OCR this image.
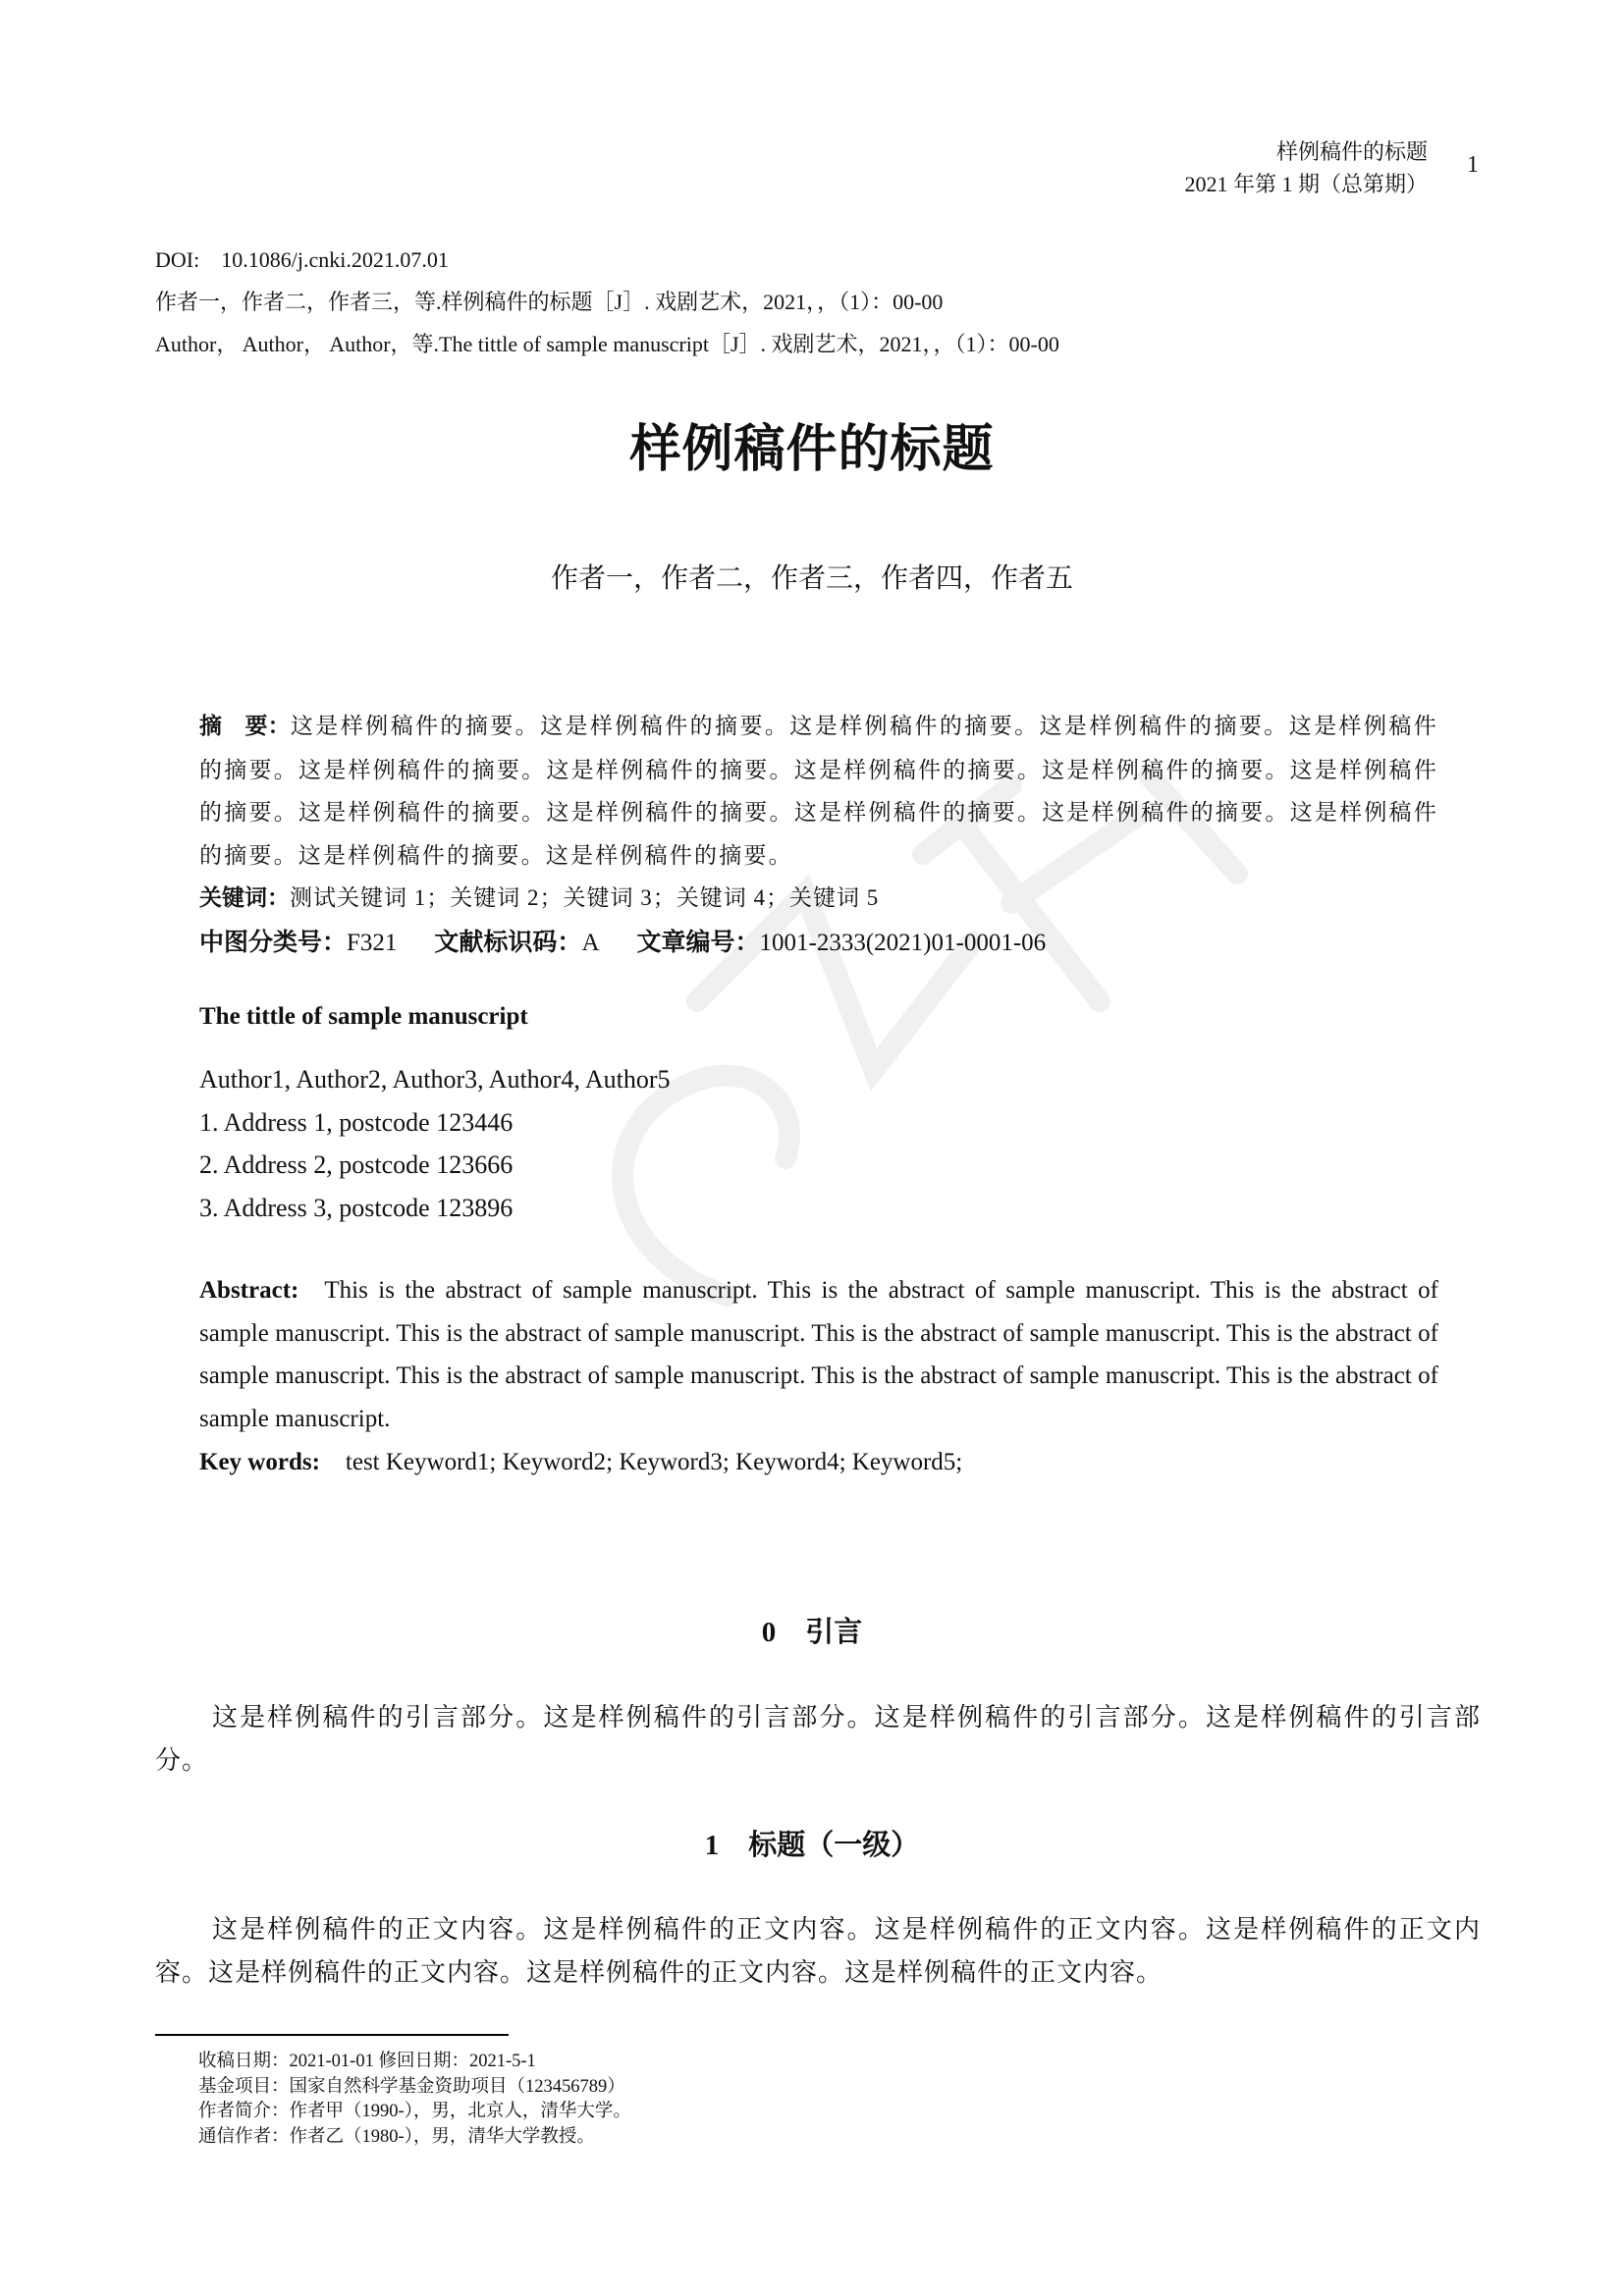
样例稿件的标题
2021 年第 1 期（总第期）
1
DOI: 10.1086/j.cnki.2021.07.01
作者一，作者二，作者三，等.样例稿件的标题［J］. 戏剧艺术，2021，，（1）：00-00
Author， Author， Author，等.The tittle of sample manuscript［J］. 戏剧艺术，2021，，（1）：00-00
样例稿件的标题
作者一，作者二，作者三，作者四，作者五
摘　要：这是样例稿件的摘要。这是样例稿件的摘要。这是样例稿件的摘要。这是样例稿件的摘要。这是样例稿件的摘要。这是样例稿件的摘要。这是样例稿件的摘要。这是样例稿件的摘要。这是样例稿件的摘要。这是样例稿件的摘要。这是样例稿件的摘要。这是样例稿件的摘要。这是样例稿件的摘要。这是样例稿件的摘要。这是样例稿件的摘要。这是样例稿件的摘要。这是样例稿件的摘要。
关键词：测试关键词 1；关键词 2；关键词 3；关键词 4；关键词 5
中图分类号：F321 文献标识码：A 文章编号：1001-2333(2021)01-0001-06
The tittle of sample manuscript
Author1, Author2, Author3, Author4, Author5
1. Address 1, postcode 123446
2. Address 2, postcode 123666
3. Address 3, postcode 123896
Abstract: This is the abstract of sample manuscript. This is the abstract of sample manuscript. This is the abstract of sample manuscript. This is the abstract of sample manuscript. This is the abstract of sample manuscript. This is the abstract of sample manuscript. This is the abstract of sample manuscript. This is the abstract of sample manuscript. This is the abstract of sample manuscript.
Key words: test Keyword1; Keyword2; Keyword3; Keyword4; Keyword5;
0 引言
这是样例稿件的引言部分。这是样例稿件的引言部分。这是样例稿件的引言部分。这是样例稿件的引言部分。
1 标题（一级）
这是样例稿件的正文内容。这是样例稿件的正文内容。这是样例稿件的正文内容。这是样例稿件的正文内容。这是样例稿件的正文内容。这是样例稿件的正文内容。这是样例稿件的正文内容。
收稿日期：2021-01-01 修回日期：2021-5-1
基金项目：国家自然科学基金资助项目（123456789）
作者简介：作者甲（1990-），男，北京人，清华大学。
通信作者：作者乙（1980-），男，清华大学教授。
